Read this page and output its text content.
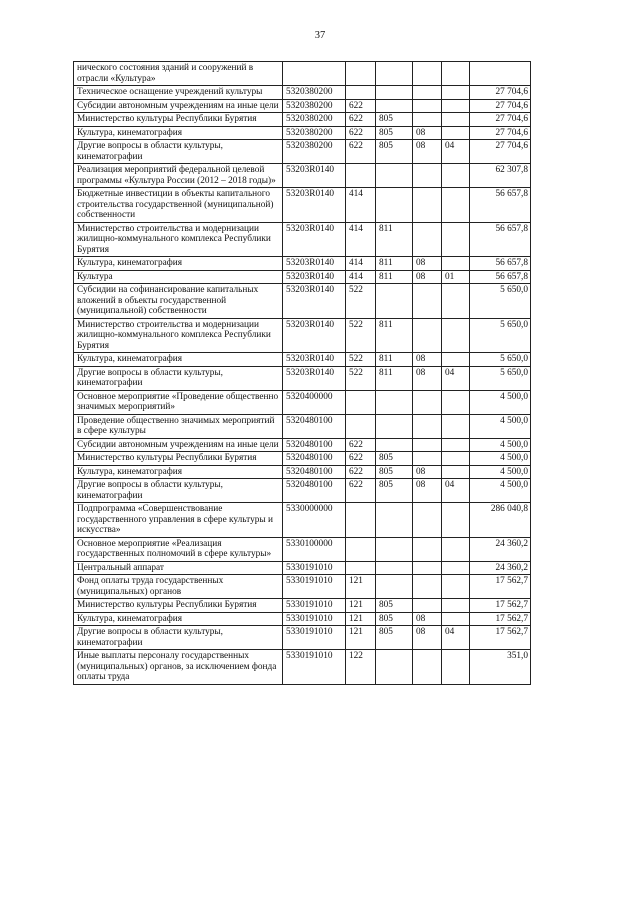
37
нического состояния зданий и сооружений в отрасли «Культура»						
Техническое оснащение учреждений культуры	5320380200					27 704,6
Субсидии автономным учреждениям на иные цели	5320380200	622				27 704,6
Министерство культуры Республики Бурятия	5320380200	622	805			27 704,6
Культура, кинематография	5320380200	622	805	08		27 704,6
Другие вопросы в области культуры, кинематографии	5320380200	622	805	08	04	27 704,6
Реализация мероприятий федеральной целевой программы «Культура России (2012 – 2018 годы)»	53203R0140					62 307,8
Бюджетные инвестиции в объекты капитального строительства государственной (муниципальной) собственности	53203R0140	414				56 657,8
Министерство строительства и модернизации жилищно-коммунального комплекса Республики Бурятия	53203R0140	414	811			56 657,8
Культура, кинематография	53203R0140	414	811	08		56 657,8
Культура	53203R0140	414	811	08	01	56 657,8
Субсидии на софинансирование капитальных вложений в объекты государственной (муниципальной) собственности	53203R0140	522				5 650,0
Министерство строительства и модернизации жилищно-коммунального комплекса Республики Бурятия	53203R0140	522	811			5 650,0
Культура, кинематография	53203R0140	522	811	08		5 650,0
Другие вопросы в области культуры, кинематографии	53203R0140	522	811	08	04	5 650,0
Основное мероприятие «Проведение общественно значимых мероприятий»	5320400000					4 500,0
Проведение общественно значимых мероприятий в сфере культуры	5320480100					4 500,0
Субсидии автономным учреждениям на иные цели	5320480100	622				4 500,0
Министерство культуры Республики Бурятия	5320480100	622	805			4 500,0
Культура, кинематография	5320480100	622	805	08		4 500,0
Другие вопросы в области культуры, кинематографии	5320480100	622	805	08	04	4 500,0
Подпрограмма «Совершенствование государственного управления в сфере культуры и искусства»	5330000000					286 040,8
Основное мероприятие «Реализация государственных полномочий в сфере культуры»	5330100000					24 360,2
Центральный аппарат	5330191010					24 360,2
Фонд оплаты труда государственных (муниципальных) органов	5330191010	121				17 562,7
Министерство культуры Республики Бурятия	5330191010	121	805			17 562,7
Культура, кинематография	5330191010	121	805	08		17 562,7
Другие вопросы в области культуры, кинематографии	5330191010	121	805	08	04	17 562,7
Иные выплаты персоналу государственных (муниципальных) органов, за исключением фонда оплаты труда	5330191010	122				351,0
